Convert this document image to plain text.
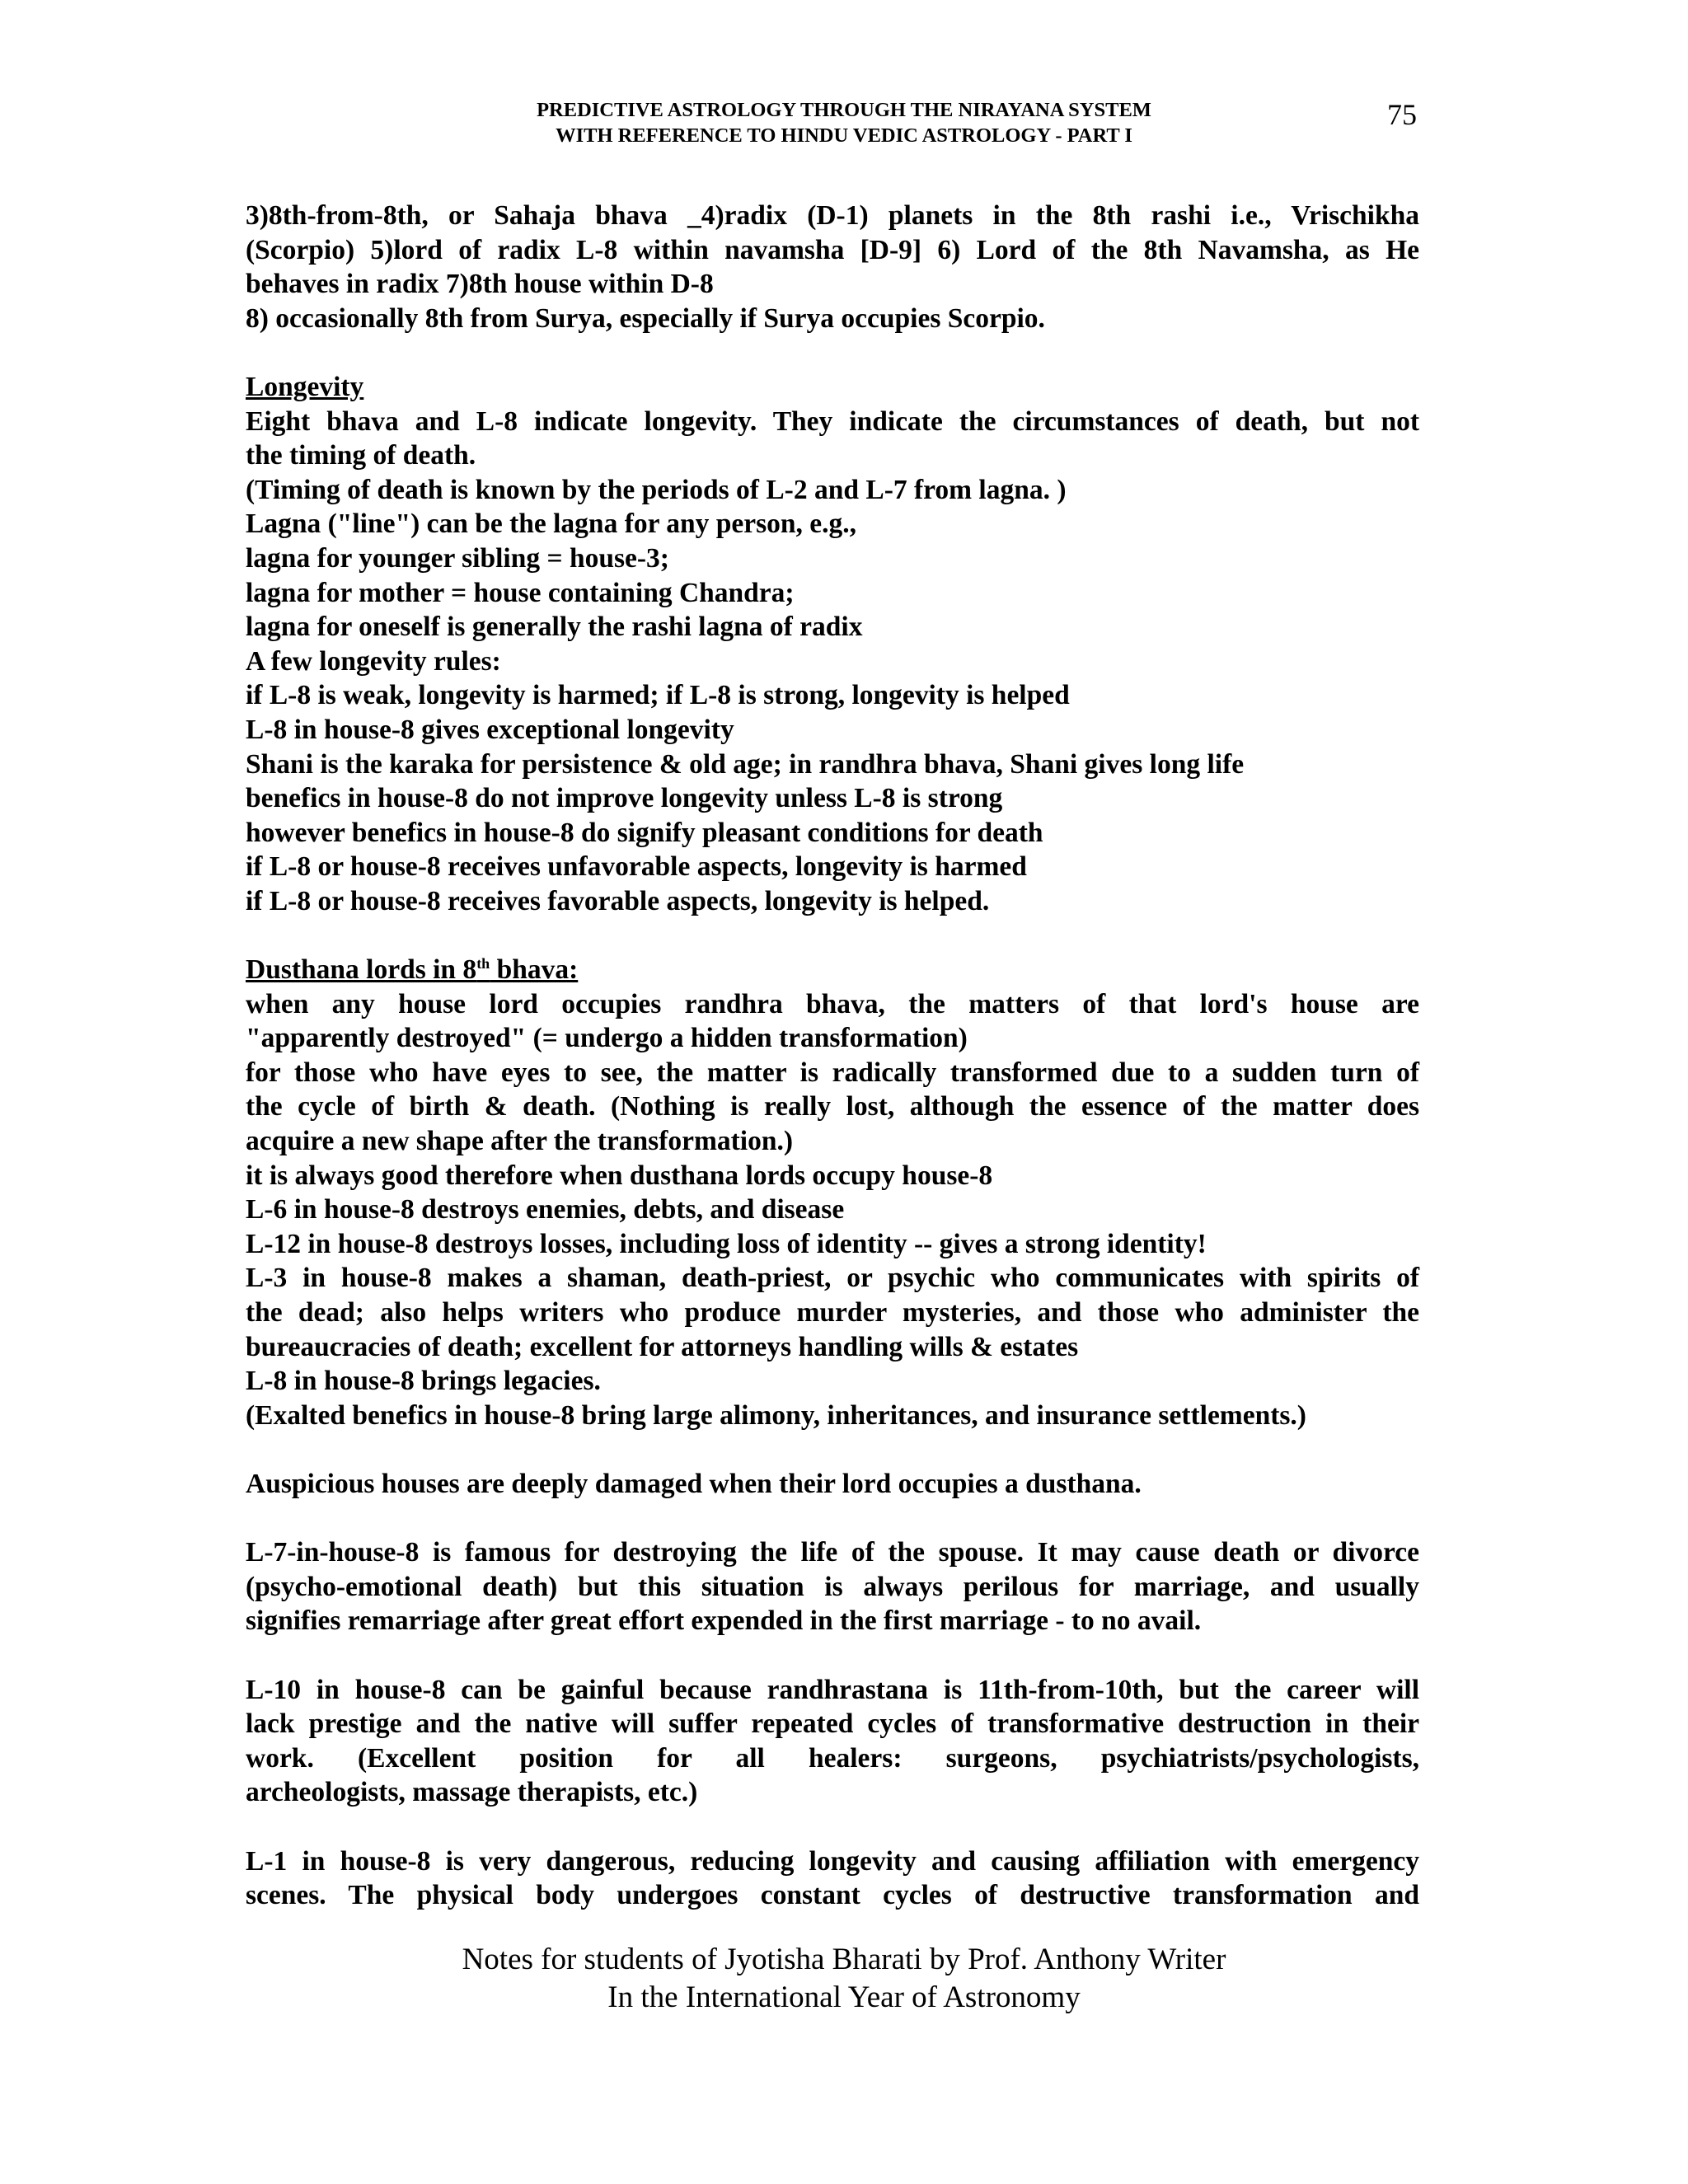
PREDICTIVE ASTROLOGY THROUGH THE NIRAYANA SYSTEM
WITH REFERENCE TO HINDU VEDIC ASTROLOGY - PART I
75

3)8th-from-8th, or Sahaja bhava _4)radix (D-1) planets in the 8th rashi i.e., Vrischikha

(Scorpio) 5)lord of radix L-8 within navamsha [D-9] 6) Lord of the 8th Navamsha, as He

behaves in radix 7)8th house within D-8

8) occasionally 8th from Surya, especially if Surya occupies Scorpio.

Longevity

Eight bhava and L-8 indicate longevity. They indicate the circumstances of death, but not

the timing of death.

(Timing of death is known by the periods of L-2 and L-7 from lagna. )

Lagna ("line") can be the lagna for any person, e.g.,

lagna for younger sibling = house-3;

lagna for mother = house containing Chandra;

lagna for oneself is generally the rashi lagna of radix

A few longevity rules:

if L-8 is weak, longevity is harmed; if L-8 is strong, longevity is helped

L-8 in house-8 gives exceptional longevity

Shani is the karaka for persistence & old age; in randhra bhava, Shani gives long life

benefics in house-8 do not improve longevity unless L-8 is strong

however benefics in house-8 do signify pleasant conditions for death

if L-8 or house-8 receives unfavorable aspects, longevity is harmed

if L-8 or house-8 receives favorable aspects, longevity is helped.

Dusthana lords in 8th bhava:

when any house lord occupies randhra bhava, the matters of that lord's house are

"apparently destroyed" (= undergo a hidden transformation)

for those who have eyes to see, the matter is radically transformed due to a sudden turn of

the cycle of birth & death. (Nothing is really lost, although the essence of the matter does

acquire a new shape after the transformation.)

it is always good therefore when dusthana lords occupy house-8

L-6 in house-8 destroys enemies, debts, and disease

L-12 in house-8 destroys losses, including loss of identity -- gives a strong identity!

L-3 in house-8 makes a shaman, death-priest, or psychic who communicates with spirits of

the dead; also helps writers who produce murder mysteries, and those who administer the

bureaucracies of death; excellent for attorneys handling wills & estates

L-8 in house-8 brings legacies.

(Exalted benefics in house-8 bring large alimony, inheritances, and insurance settlements.)

Auspicious houses are deeply damaged when their lord occupies a dusthana.

L-7-in-house-8 is famous for destroying the life of the spouse. It may cause death or divorce

(psycho-emotional death) but this situation is always perilous for marriage, and usually

signifies remarriage after great effort expended in the first marriage - to no avail.

L-10 in house-8 can be gainful because randhrastana is 11th-from-10th, but the career will

lack prestige and the native will suffer repeated cycles of transformative destruction in their

work. (Excellent position for all healers: surgeons, psychiatrists/psychologists,

archeologists, massage therapists, etc.)

L-1 in house-8 is very dangerous, reducing longevity and causing affiliation with emergency

scenes. The physical body undergoes constant cycles of destructive transformation and

Notes for students of Jyotisha Bharati by Prof. Anthony Writer
In the International Year of Astronomy
